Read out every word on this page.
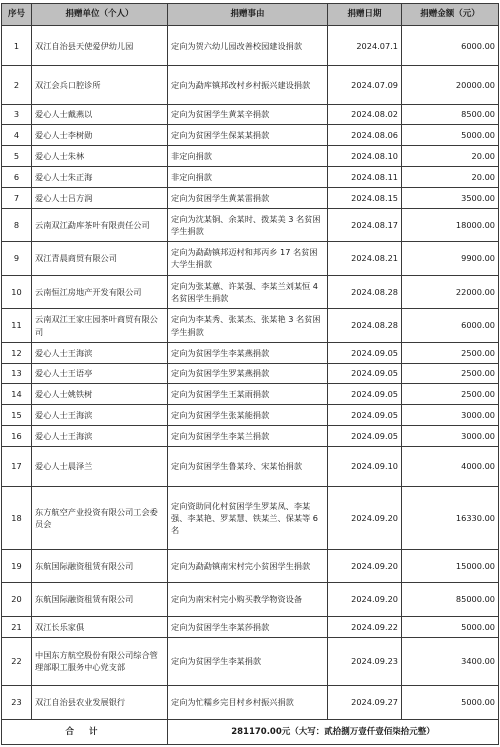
序号	捐赠单位（个人）	捐赠事由	捐赠日期	捐赠金额（元）
1	双江自治县天使爱伊幼儿园	定向为贺六幼儿园改善校园建设捐款	2024.07.1	6000.00
2	双江会兵口腔诊所	定向为勐库镇邦改村乡村振兴建设捐款	2024.07.09	20000.00
3	爱心人士戴燕以	定向为贫困学生黄某辛捐款	2024.08.02	8500.00
4	爱心人士李树勋	定向为贫困学生保某某捐款	2024.08.06	5000.00
5	爱心人士朱林	非定向捐款	2024.08.10	20.00
6	爱心人士朱正海	非定向捐款	2024.08.11	20.00
7	爱心人士吕方润	定向为贫困学生黄某雷捐款	2024.08.15	3500.00
8	云南双江勐库茶叶有限责任公司	定向为沈某铜、余某时、拨某美 3 名贫困学生捐款	2024.08.17	18000.00
9	双江青晨商贸有限公司	定向为勐勐镇邦迈村和邦丙乡 17 名贫困大学生捐款	2024.08.21	9900.00
10	云南恒江房地产开发有限公司	定向为张某蕙、许某强、李某兰刘某恒 4 名贫困学生捐款	2024.08.28	22000.00
11	云南双江王家庄园茶叶商贸有限公司	定向为李某秀、张某杰、张某艳 3 名贫困学生捐款	2024.08.28	6000.00
12	爱心人士王海滨	定向为贫困学生李某燕捐款	2024.09.05	2500.00
13	爱心人士王语亭	定向为贫困学生罗某燕捐款	2024.09.05	2500.00
14	爱心人士姚铁树	定向为贫困学生王某雨捐款	2024.09.05	2500.00
15	爱心人士王海滨	定向为贫困学生张某能捐款	2024.09.05	3000.00
16	爱心人士王海滨	定向为贫困学生李某兰捐款	2024.09.05	3000.00
17	爱心人士晨泽兰	定向为贫困学生鲁某玲、宋某怡捐款	2024.09.10	4000.00
18	东方航空产业投资有限公司工会委员会	定向资助同化村贫困学生罗某凤、李某强、李某艳、罗某慧、铁某兰、保某等 6 名	2024.09.20	16330.00
19	东航国际融资租赁有限公司	定向为勐勐镇南宋村完小贫困学生捐款	2024.09.20	15000.00
20	东航国际融资租赁有限公司	定向为南宋村完小购买教学物资设备	2024.09.20	85000.00
21	双江长乐家俱	定向为贫困学生李某莎捐款	2024.09.22	5000.00
22	中国东方航空股份有限公司综合管理部职工服务中心党支部	定向为贫困学生李某捐款	2024.09.23	3400.00
23	双江自治县农业发展银行	定向为忙糯乡完目村乡村振兴捐款	2024.09.27	5000.00
合 计		281170.00元（大写：贰拾捌万壹仟壹佰柒拾元整）		
